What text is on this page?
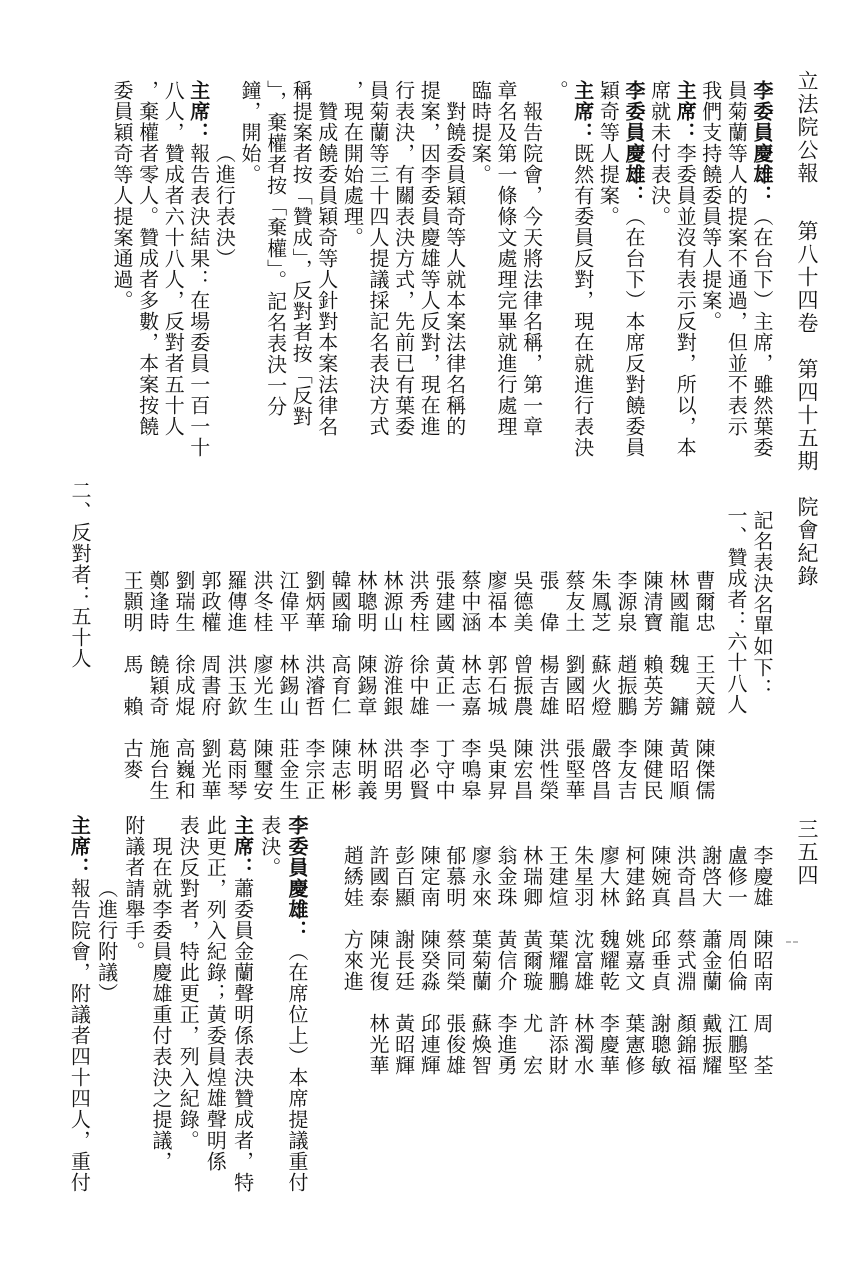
立法院公報
第八十四卷　第四十五期　院會紀錄
三五四
李委員慶雄：（在台下）主席，雖然葉委
員菊蘭等人的提案不通過，但並不表示
我們支持饒委員等人提案。
主席：李委員並沒有表示反對，所以，本
席就未付表決。
李委員慶雄：（在台下）本席反對饒委員
穎奇等人提案。
主席：既然有委員反對，現在就進行表決
。
　報告院會，今天將法律名稱，第一章
章名及第一條條文處理完畢就進行處理
臨時提案。
　對饒委員穎奇等人就本案法律名稱的
提案，因李委員慶雄等人反對，現在進
行表決，有關表決方式，先前已有葉委
員菊蘭等三十四人提議採記名表決方式
，現在開始處理。
　贊成饒委員穎奇等人針對本案法律名
稱提案者按「贊成」，反對者按「反對
」，棄權者按「棄權」。記名表決一分
鐘，開始。
（進行表決）
主席：報告表決結果：在場委員一百一十
八人，贊成者六十八人，反對者五十人
，棄權者零人。贊成者多數，本案按饒
委員穎奇等人提案通過。
記名表決名單如下：
一、贊成者：六十八人
曹爾忠　王天競　陳傑儒
林國龍　魏　鏞　黃昭順
陳清寶　賴英芳　陳健民
李源泉　趙振鵬　李友吉
朱鳳芝　蘇火燈　嚴啓昌
蔡友土　劉國昭　張堅華
張　偉　楊吉雄　洪性榮
吳德美　曾振農　陳宏昌
廖福本　郭石城　吳東昇
蔡中涵　林志嘉　李鳴皋
張建國　黃正一　丁守中
洪秀柱　徐中雄　李必賢
林源山　游淮銀　洪昭男
林聰明　陳錫章　林明義
韓國瑜　高育仁　陳志彬
劉炳華　洪濬哲　李宗正
江偉平　林錫山　莊金生
洪冬桂　廖光生　陳璽安
羅傳進　洪玉欽　葛雨琴
郭政權　周書府　劉光華
劉瑞生　徐成焜　高巍和
鄭逢時　饒穎奇　施台生
王顥明　馬　賴　古麥
二、反對者：五十人
李慶雄　陳昭南　周　荃
盧修一　周伯倫　江鵬堅
謝啓大　蕭金蘭　戴振耀
洪奇昌　蔡式淵　顏錦福
陳婉真　邱垂貞　謝聰敏
柯建銘　姚嘉文　葉憲修
廖大林　魏耀乾　李慶華
朱星羽　沈富雄　林濁水
王建煊　葉耀鵬　許添財
林瑞卿　黃爾璇　尤　宏
翁金珠　黃信介　李進勇
廖永來　葉菊蘭　蘇煥智
郁慕明　蔡同榮　張俊雄
陳定南　陳癸淼　邱連輝
彭百顯　謝長廷　黃昭輝
許國泰　陳光復　林光華
趙綉娃　方來進
李委員慶雄：（在席位上）本席提議重付
表決。
主席：蕭委員金蘭聲明係表決贊成者，特
此更正，列入紀錄；黃委員煌雄聲明係
表決反對者，特此更正，列入紀錄。
　現在就李委員慶雄重付表決之提議，
附議者請舉手。
（進行附議）
主席：報告院會，附議者四十四人，重付
